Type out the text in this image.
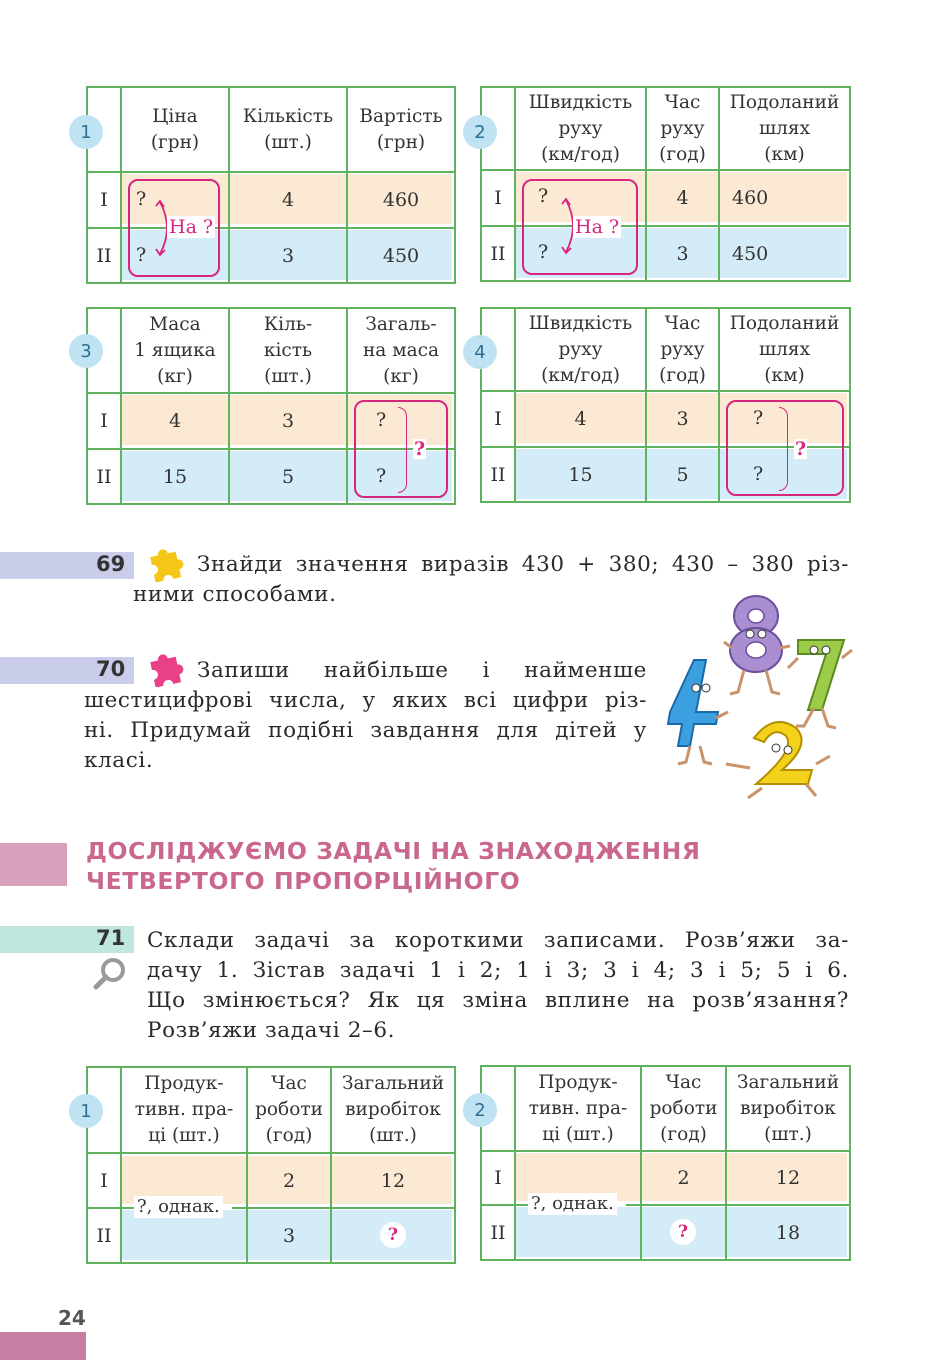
Ціна
(грн)
Кількість
(шт.)
Вартість
(грн)
I
II
?
?
4
3
460
450
На ?
1
Швидкість
руху
(км/год)
Час
руху
(год)
Подоланий
шлях
(км)
I
II
?
?
4
3
460
450
На ?
2
Маса
1 ящика
(кг)
Кіль-
кість
(шт.)
Загаль-
на маса
(кг)
I
II
4
15
3
5
?
?
?
3
Швидкість
руху
(км/год)
Час
руху
(год)
Подоланий
шлях
(км)
I
II
4
15
3
5
?
?
?
4
69	Знайди значення виразів 430 + 380; 430 – 380 різ-
ними способами.
70	Запиши найбільше і найменше
шестицифрові числа, у яких всі цифри різ-
ні. Придумай подібні завдання для дітей у
класі.
ДОСЛІДЖУЄМО ЗАДАЧІ НА ЗНАХОДЖЕННЯ
ЧЕТВЕРТОГО ПРОПОРЦІЙНОГО
71 Склади задачі за короткими записами. Розв’яжи за-
дачу 1. Зістав задачі 1 і 2; 1 і 3; 3 і 4; 3 і 5; 5 і 6.
Що змінюється? Як ця зміна вплине на розв’язання?
Розв’яжи задачі 2–6.
Продук-
тивн. пра-
ці (шт.)
Час
роботи
(год)
Загальний
виробіток
(шт.)
I
II
?, однак.
2
3
12
?
1
Продук-
тивн. пра-
ці (шт.)
Час
роботи
(год)
Загальний
виробіток
(шт.)
I
II
?, однак.
2
?
12
18
2
24
